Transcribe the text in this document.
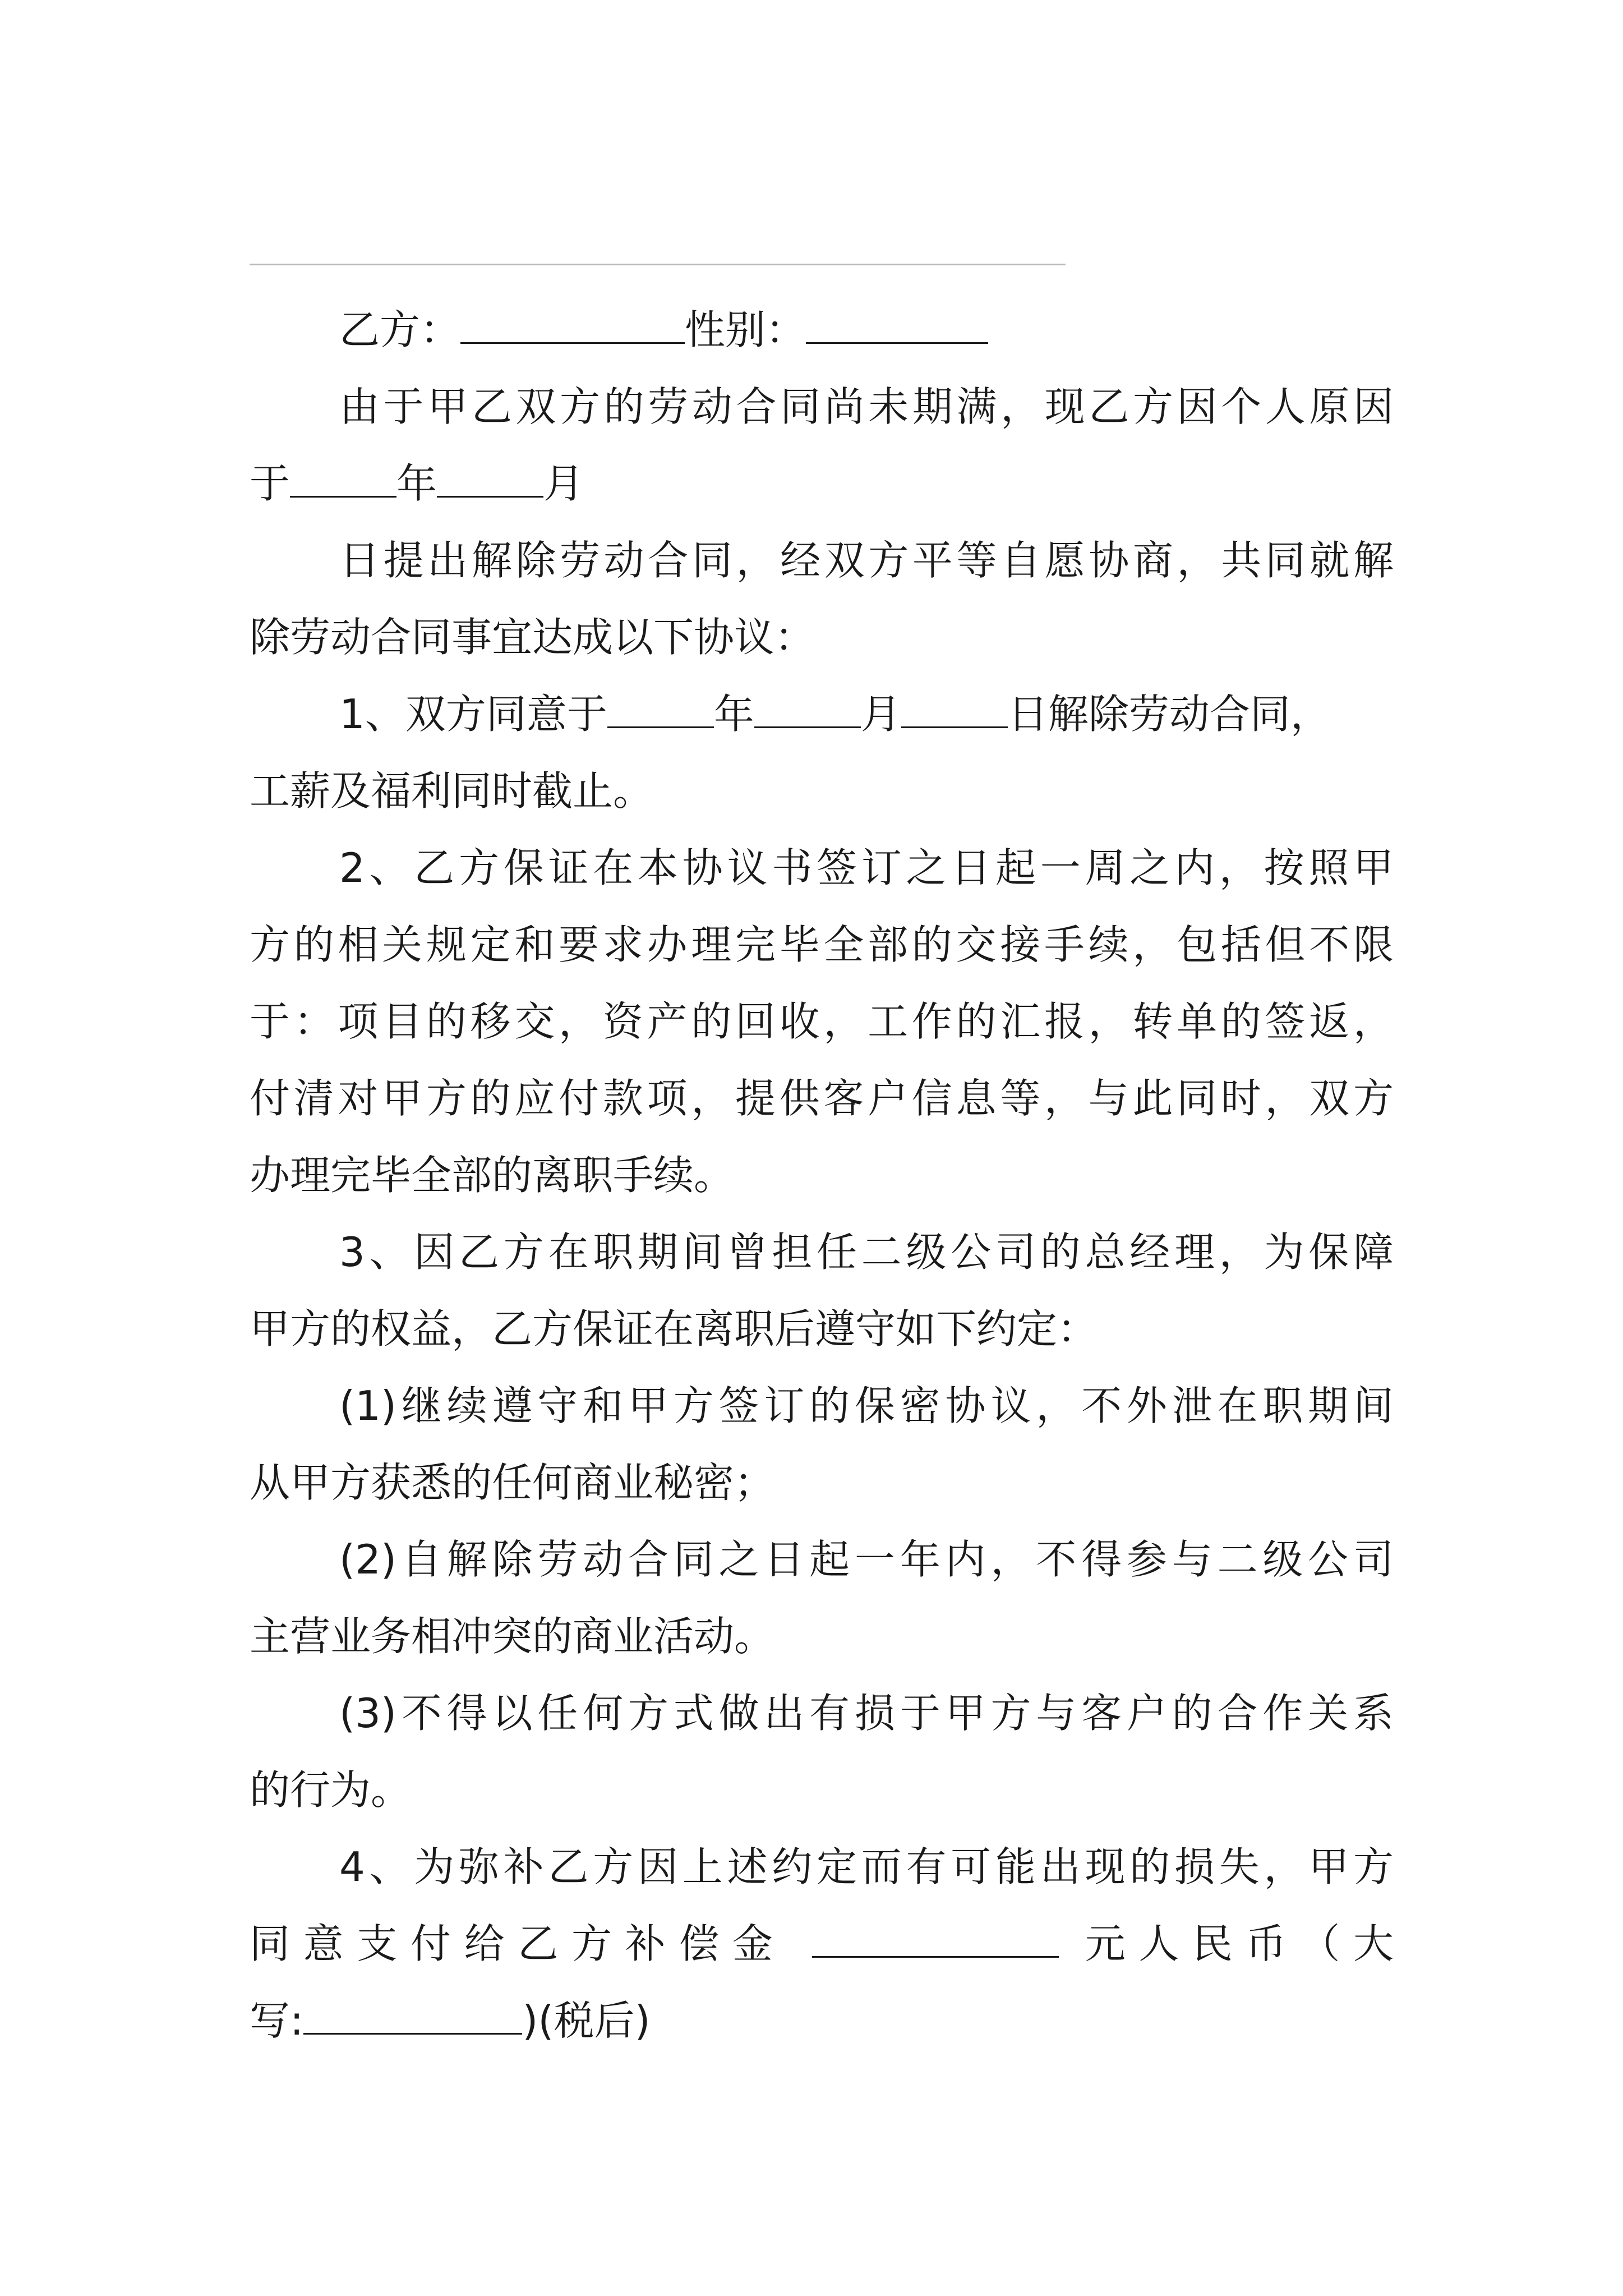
乙方：	性别：
由于甲乙双方的劳动合同尚未期满，现乙方因个人原因
于	年	月
日提出解除劳动合同，经双方平等自愿协商，共同就解
除劳动合同事宜达成以下协议：
1、双方同意于	年	月	日解除劳动合同，
工薪及福利同时截止。
2、乙方保证在本协议书签订之日起一周之内，按照甲
方的相关规定和要求办理完毕全部的交接手续，包括但不限
于：项目的移交，资产的回收，工作的汇报，转单的签返，
付清对甲方的应付款项，提供客户信息等，与此同时，双方
办理完毕全部的离职手续。
3、因乙方在职期间曾担任二级公司的总经理，为保障
甲方的权益，乙方保证在离职后遵守如下约定：
(1)继续遵守和甲方签订的保密协议，不外泄在职期间
从甲方获悉的任何商业秘密；
(2)自解除劳动合同之日起一年内，不得参与二级公司
主营业务相冲突的商业活动。
(3)不得以任何方式做出有损于甲方与客户的合作关系
的行为。
4、为弥补乙方因上述约定而有可能出现的损失，甲方
同意支付给乙方补偿金	元人民币（大
写:	)(税后)
